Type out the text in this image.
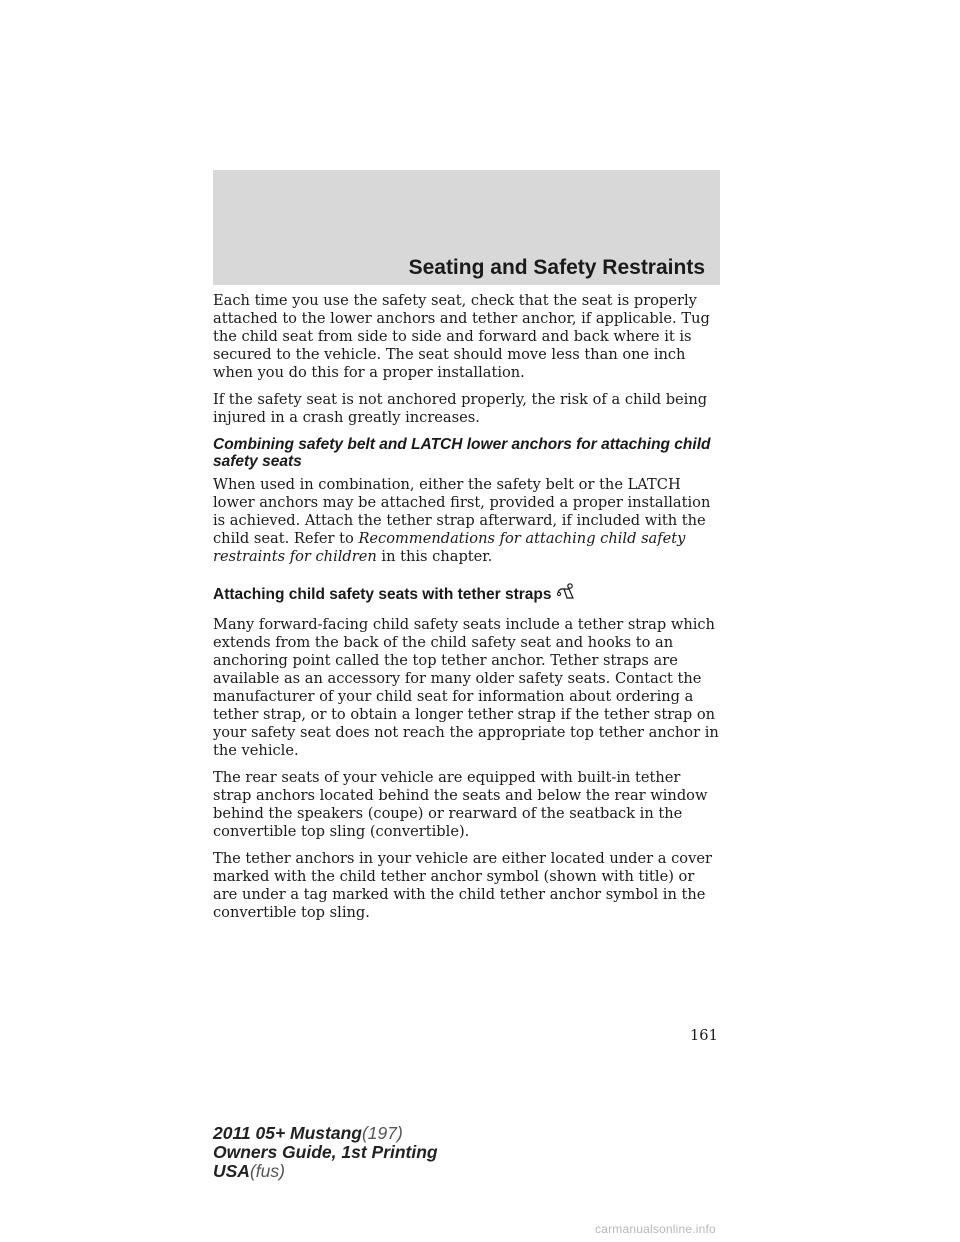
Seating and Safety Restraints

Each time you use the safety seat, check that the seat is properly attached to the lower anchors and tether anchor, if applicable. Tug the child seat from side to side and forward and back where it is secured to the vehicle. The seat should move less than one inch when you do this for a proper installation.

If the safety seat is not anchored properly, the risk of a child being injured in a crash greatly increases.

Combining safety belt and LATCH lower anchors for attaching child safety seats

When used in combination, either the safety belt or the LATCH lower anchors may be attached first, provided a proper installation is achieved. Attach the tether strap afterward, if included with the child seat. Refer to Recommendations for attaching child safety restraints for children in this chapter.

Attaching child safety seats with tether straps

Many forward-facing child safety seats include a tether strap which extends from the back of the child safety seat and hooks to an anchoring point called the top tether anchor. Tether straps are available as an accessory for many older safety seats. Contact the manufacturer of your child seat for information about ordering a tether strap, or to obtain a longer tether strap if the tether strap on your safety seat does not reach the appropriate top tether anchor in the vehicle.

The rear seats of your vehicle are equipped with built-in tether strap anchors located behind the seats and below the rear window behind the speakers (coupe) or rearward of the seatback in the convertible top sling (convertible).

The tether anchors in your vehicle are either located under a cover marked with the child tether anchor symbol (shown with title) or are under a tag marked with the child tether anchor symbol in the convertible top sling.

161
2011 05+ Mustang(197)
Owners Guide, 1st Printing
USA(fus)
carmanualsonline.info
